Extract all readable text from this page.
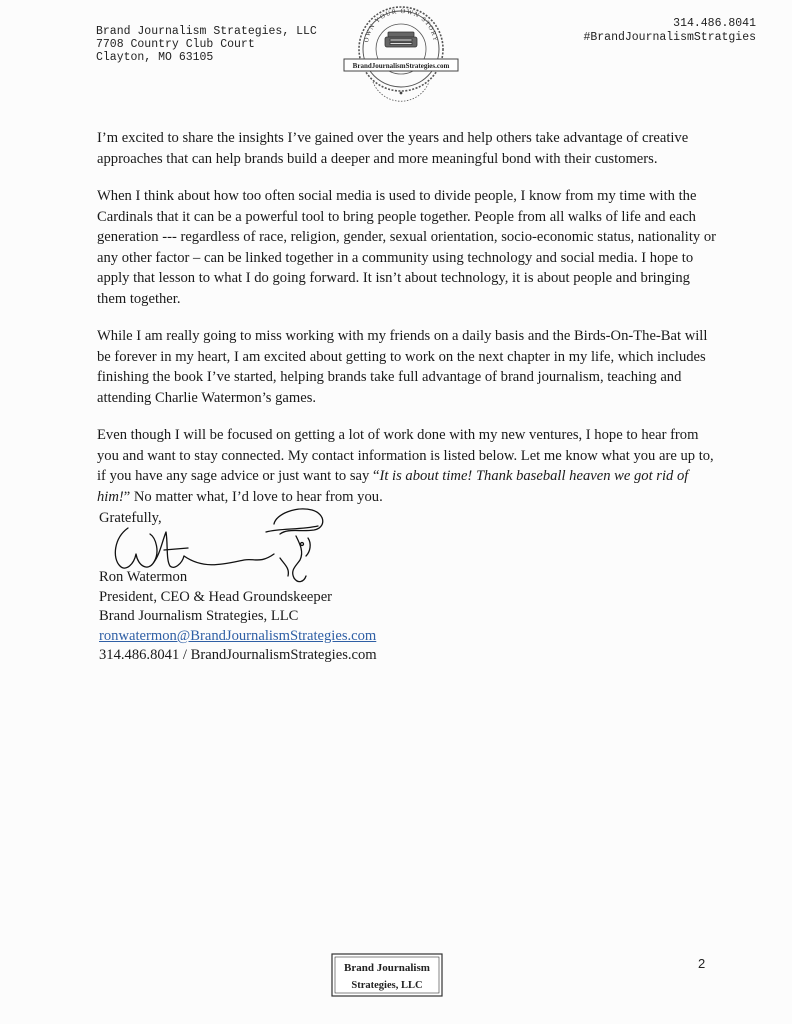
Brand Journalism Strategies, LLC
7708 Country Club Court
Clayton, MO 63105
OWN YOUR OWN STORY
BrandJournalismStrategies.com
314.486.8041
#BrandJournalismStratgies

I’m excited to share the insights I’ve gained over the years and help others take advantage of creative approaches that can help brands build a deeper and more meaningful bond with their customers.

When I think about how too often social media is used to divide people, I know from my time with the Cardinals that it can be a powerful tool to bring people together. People from all walks of life and each generation --- regardless of race, religion, gender, sexual orientation, socio-economic status, nationality or any other factor – can be linked together in a community using technology and social media. I hope to apply that lesson to what I do going forward. It isn’t about technology, it is about people and bringing them together.

While I am really going to miss working with my friends on a daily basis and the Birds-On-The-Bat will be forever in my heart, I am excited about getting to work on the next chapter in my life, which includes finishing the book I’ve started, helping brands take full advantage of brand journalism, teaching and attending Charlie Watermon’s games.

Even though I will be focused on getting a lot of work done with my new ventures, I hope to hear from you and want to stay connected. My contact information is listed below. Let me know what you are up to, if you have any sage advice or just want to say “It is about time! Thank baseball heaven we got rid of him!” No matter what, I’d love to hear from you.

Gratefully,
Ron Watermon
President, CEO & Head Groundskeeper
Brand Journalism Strategies, LLC
ronwatermon@BrandJournalismStrategies.com
314.486.8041 / BrandJournalismStrategies.com
Brand Journalism
Strategies, LLC
2
